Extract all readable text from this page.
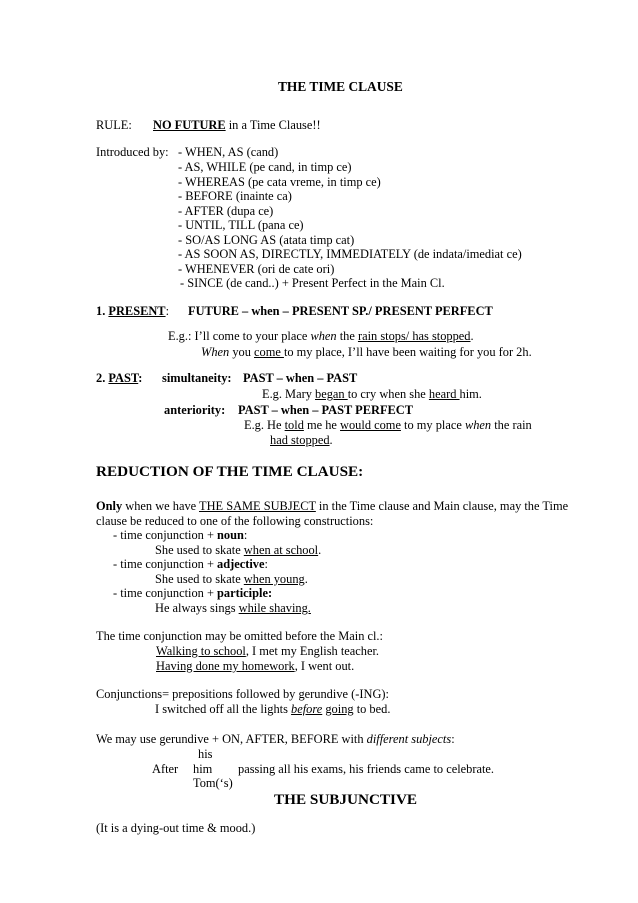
THE TIME CLAUSE
RULE: NO FUTURE in a Time Clause!!
Introduced by: - WHEN, AS (cand)
- AS, WHILE (pe cand, in timp ce)
- WHEREAS (pe cata vreme, in timp ce)
- BEFORE (inainte ca)
- AFTER (dupa ce)
- UNTIL, TILL (pana ce)
- SO/AS LONG AS (atata timp cat)
- AS SOON AS, DIRECTLY, IMMEDIATELY (de indata/imediat ce)
- WHENEVER (ori de cate ori)
- SINCE (de cand..) + Present Perfect in the Main Cl.
1. PRESENT: FUTURE – when – PRESENT SP./ PRESENT PERFECT
E.g.: I’ll come to your place when the rain stops/ has stopped.
When you come to my place, I’ll have been waiting for you for 2h.
2. PAST: simultaneity: PAST – when – PAST
E.g. Mary began to cry when she heard him.
anteriority: PAST – when – PAST PERFECT
E.g. He told me he would come to my place when the rain
had stopped.
REDUCTION OF THE TIME CLAUSE:
Only when we have THE SAME SUBJECT in the Time clause and Main clause, may the Time
clause be reduced to one of the following constructions:
- time conjunction + noun:
She used to skate when at school.
- time conjunction + adjective:
She used to skate when young.
- time conjunction + participle:
He always sings while shaving.
The time conjunction may be omitted before the Main cl.:
Walking to school, I met my English teacher.
Having done my homework, I went out.
Conjunctions= prepositions followed by gerundive (-ING):
I switched off all the lights before going to bed.
We may use gerundive + ON, AFTER, BEFORE with different subjects:
his
After him passing all his exams, his friends came to celebrate.
Tom(‘s)
THE SUBJUNCTIVE
(It is a dying-out time & mood.)
